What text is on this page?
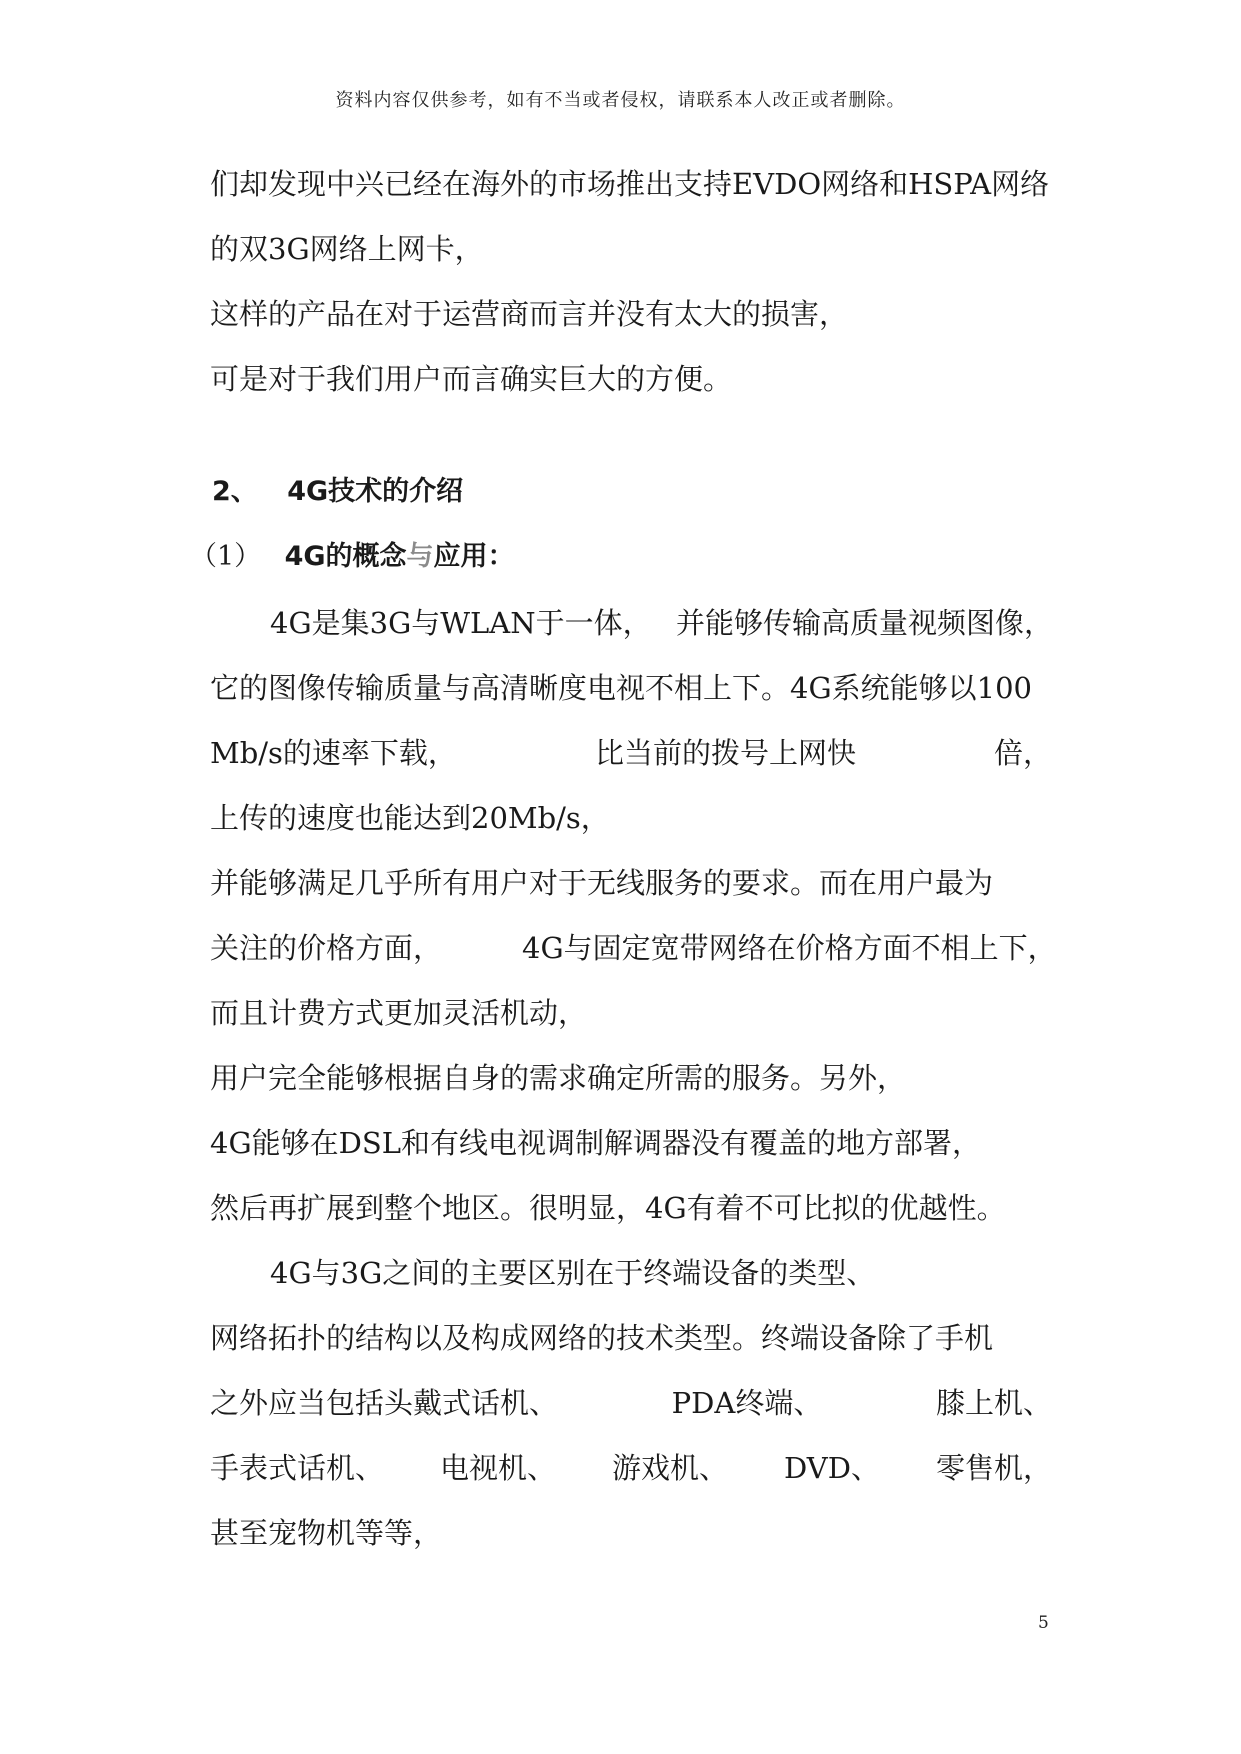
资料内容仅供参考，如有不当或者侵权，请联系本人改正或者删除。
们却发现中兴已经在海外的市场推出支持EVDO网络和HSPA网络
的双3G网络上网卡，
这样的产品在对于运营商而言并没有太大的损害，
可是对于我们用户而言确实巨大的方便。
2、 4G技术的介绍
（1） 4G的概念与应用：
4G是集3G与WLAN于一体， 并能够传输高质量视频图像，
它的图像传输质量与高清晰度电视不相上下。4G系统能够以100
Mb/s的速率下载，	比当前的拨号上网快	倍，
上传的速度也能达到20Mb/s，
并能够满足几乎所有用户对于无线服务的要求。而在用户最为
关注的价格方面，	4G与固定宽带网络在价格方面不相上下，
而且计费方式更加灵活机动，
用户完全能够根据自身的需求确定所需的服务。另外，
4G能够在DSL和有线电视调制解调器没有覆盖的地方部署，
然后再扩展到整个地区。很明显，4G有着不可比拟的优越性。
4G与3G之间的主要区别在于终端设备的类型、
网络拓扑的结构以及构成网络的技术类型。终端设备除了手机
之外应当包括头戴式话机、	PDA终端、	膝上机、
手表式话机、 电视机、 游戏机、 DVD、 零售机，
甚至宠物机等等，
5
